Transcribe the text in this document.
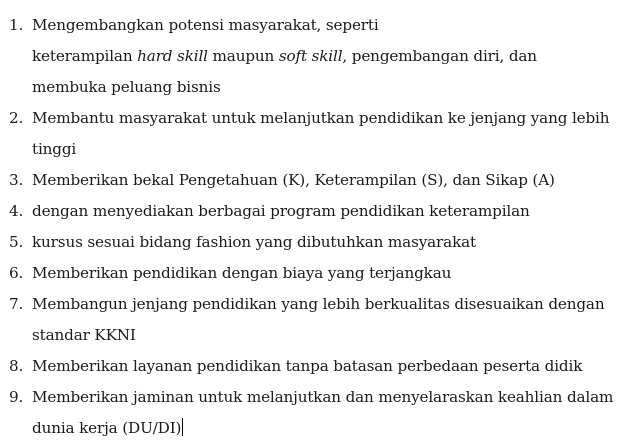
1. Mengembangkan potensi masyarakat, seperti
keterampilan hard skill maupun soft skill, pengembangan diri, dan
membuka peluang bisnis
2. Membantu masyarakat untuk melanjutkan pendidikan ke jenjang yang lebih tinggi
3. Memberikan bekal Pengetahuan (K), Keterampilan (S), dan Sikap (A)
4. dengan menyediakan berbagai program pendidikan keterampilan
5. kursus sesuai bidang fashion yang dibutuhkan masyarakat
6. Memberikan pendidikan dengan biaya yang terjangkau
7. Membangun jenjang pendidikan yang lebih berkualitas disesuaikan dengan standar KKNI
8. Memberikan layanan pendidikan tanpa batasan perbedaan peserta didik
9. Memberikan jaminan untuk melanjutkan dan menyelaraskan keahlian dalam dunia kerja (DU/DI)
